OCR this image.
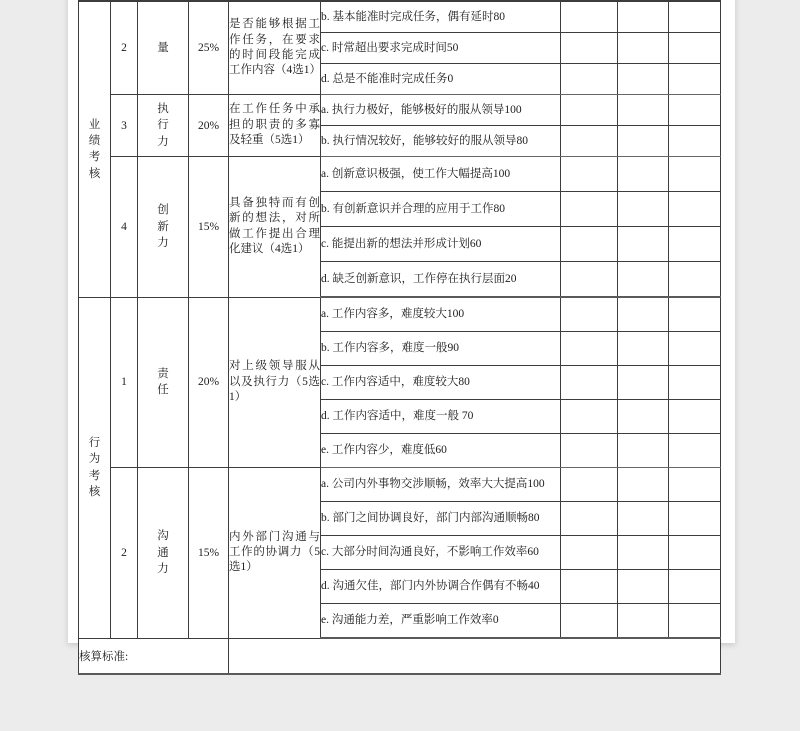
业绩考核	2	量	25%	是否能够根据工作任务，在要求的时间段能完成工作内容（4选1）	b. 基本能准时完成任务，偶有延时80			
					c. 时常超出要求完成时间50			
					d. 总是不能准时完成任务0			
	3	执行力	20%	在工作任务中承担的职责的多寡及轻重（5选1）	a. 执行力极好，能够极好的服从领导100			
					b. 执行情况较好，能够较好的服从领导80			
	4	创新力	15%	具备独特而有创新的想法，对所做工作提出合理化建议（4选1）	a. 创新意识极强，使工作大幅提高100			
					b. 有创新意识并合理的应用于工作80			
					c. 能提出新的想法并形成计划60			
					d. 缺乏创新意识，工作停在执行层面20			

行为考核	1	责任	20%	对上级领导服从以及执行力（5选1）	a. 工作内容多，难度较大100			
					b. 工作内容多，难度一般90			
					c. 工作内容适中，难度较大80			
					d. 工作内容适中，难度一般 70			
					e. 工作内容少，难度低60			
	2	沟通力	15%	内外部门沟通与工作的协调力（5选1）	a. 公司内外事物交涉顺畅，效率大大提高100			
					b. 部门之间协调良好，部门内部沟通顺畅80			
					c. 大部分时间沟通良好，不影响工作效率60			
					d. 沟通欠佳，部门内外协调合作偶有不畅40			
					e. 沟通能力差，严重影响工作效率0			
核算标准:								
